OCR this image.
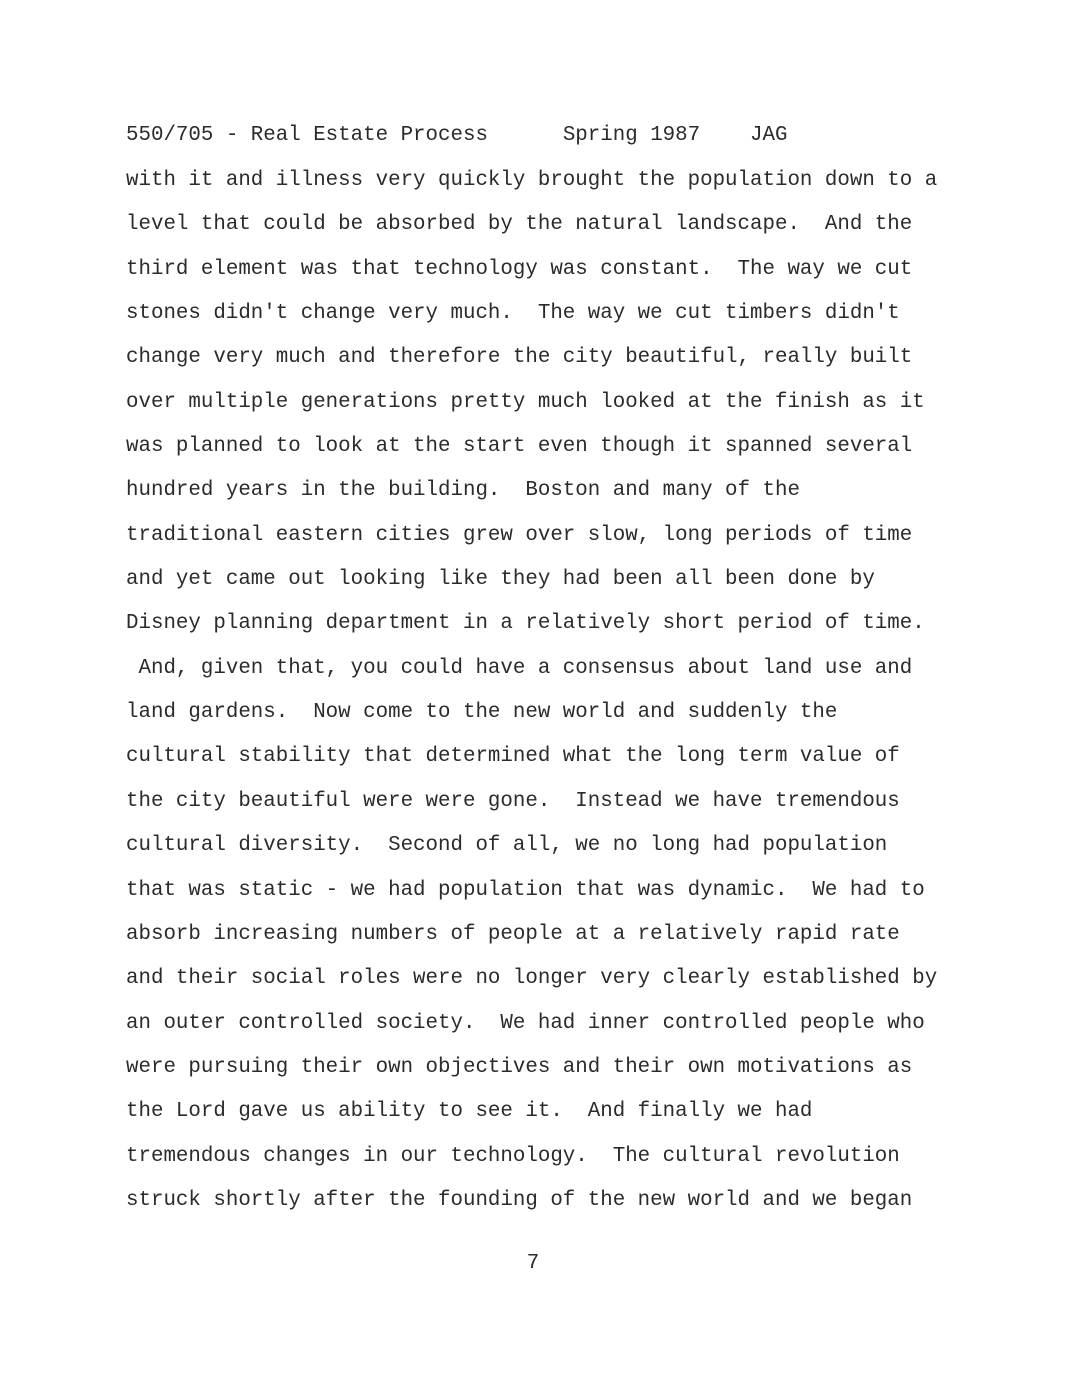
550/705 - Real Estate Process	Spring 1987 JAG
with it and illness very quickly brought the population down to a
level that could be absorbed by the natural landscape.  And the
third element was that technology was constant.  The way we cut
stones didn't change very much.  The way we cut timbers didn't
change very much and therefore the city beautiful, really built
over multiple generations pretty much looked at the finish as it
was planned to look at the start even though it spanned several
hundred years in the building.  Boston and many of the
traditional eastern cities grew over slow, long periods of time
and yet came out looking like they had been all been done by
Disney planning department in a relatively short period of time.
And, given that, you could have a consensus about land use and
land gardens.  Now come to the new world and suddenly the
cultural stability that determined what the long term value of
the city beautiful were were gone.  Instead we have tremendous
cultural diversity.  Second of all, we no long had population
that was static - we had population that was dynamic.  We had to
absorb increasing numbers of people at a relatively rapid rate
and their social roles were no longer very clearly established by
an outer controlled society.  We had inner controlled people who
were pursuing their own objectives and their own motivations as
the Lord gave us ability to see it.  And finally we had
tremendous changes in our technology.  The cultural revolution
struck shortly after the founding of the new world and we began
7
